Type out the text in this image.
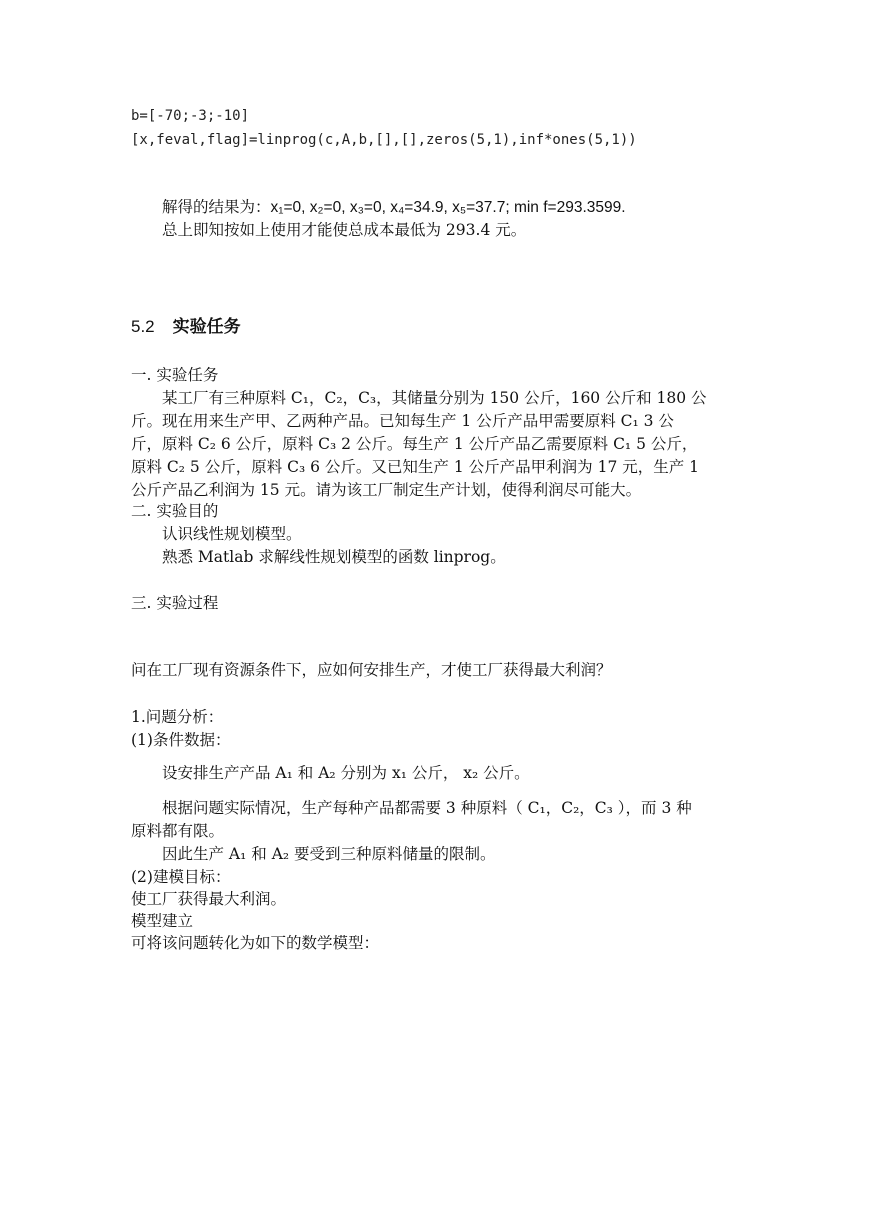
b=[-70;-3;-10]
[x,feval,flag]=linprog(c,A,b,[],[],zeros(5,1),inf*ones(5,1))
解得的结果为：x₁=0, x₂=0, x₃=0, x₄=34.9, x₅=37.7; min f=293.3599.
总上即知按如上使用才能使总成本最低为 293.4 元。
5.2 实验任务
一. 实验任务
某工厂有三种原料 C₁，C₂，C₃，其储量分别为 150 公斤，160 公斤和 180 公
斤。现在用来生产甲、乙两种产品。已知每生产 1 公斤产品甲需要原料 C₁ 3 公
斤，原料 C₂ 6 公斤，原料 C₃ 2 公斤。每生产 1 公斤产品乙需要原料 C₁ 5 公斤，
原料 C₂ 5 公斤，原料 C₃ 6 公斤。又已知生产 1 公斤产品甲利润为 17 元，生产 1
公斤产品乙利润为 15 元。请为该工厂制定生产计划，使得利润尽可能大。
二. 实验目的
认识线性规划模型。
熟悉 Matlab 求解线性规划模型的函数 linprog。
三. 实验过程
问在工厂现有资源条件下，应如何安排生产，才使工厂获得最大利润？
1.问题分析：
(1)条件数据：
设安排生产产品 A₁ 和 A₂ 分别为 x₁ 公斤， x₂ 公斤。
根据问题实际情况，生产每种产品都需要 3 种原料（ C₁，C₂，C₃ ），而 3 种
原料都有限。
因此生产 A₁ 和 A₂ 要受到三种原料储量的限制。
(2)建模目标：
使工厂获得最大利润。
模型建立
可将该问题转化为如下的数学模型：
